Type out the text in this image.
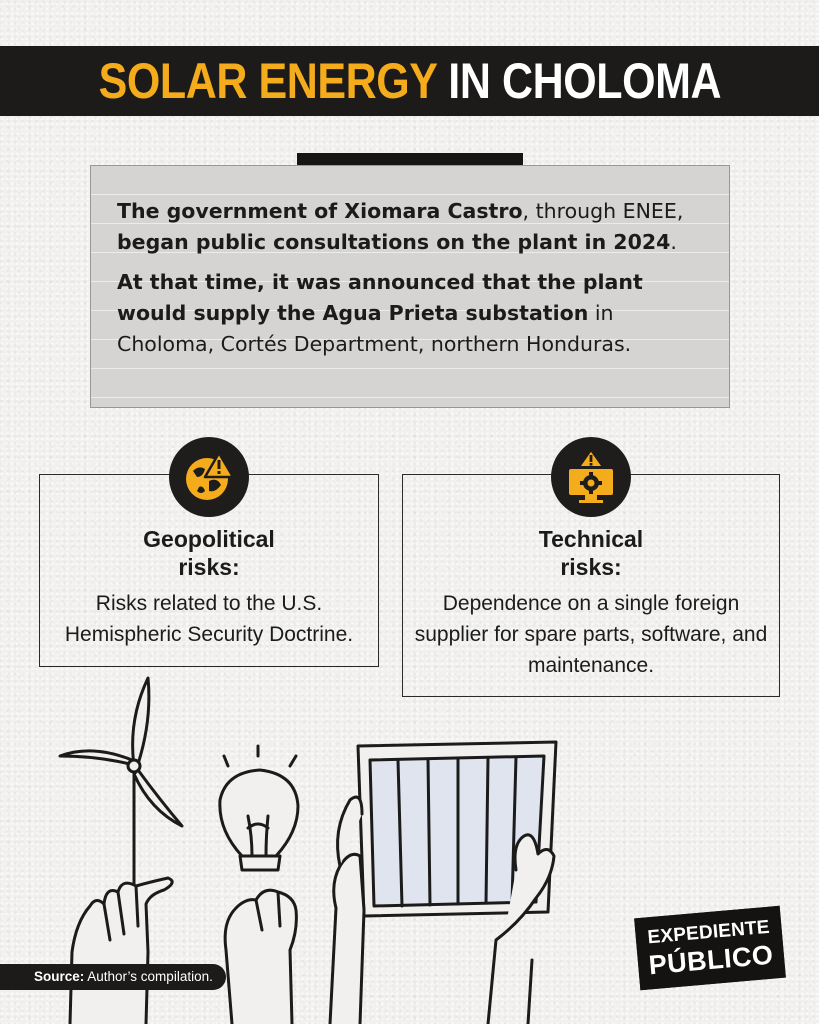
SOLAR ENERGY IN CHOLOMA

The government of Xiomara Castro, through ENEE, began public consultations on the plant in 2024.

At that time, it was announced that the plant would supply the Agua Prieta substation in Choloma, Cortés Department, northern Honduras.

Geopolitical
risks:
Risks related to the U.S. Hemispheric Security Doctrine.
Technical
risks:
Dependence on a single foreign supplier for spare parts, software, and maintenance.
Source: Author’s compilation.
EXPEDIENTE
PÚBLICO
